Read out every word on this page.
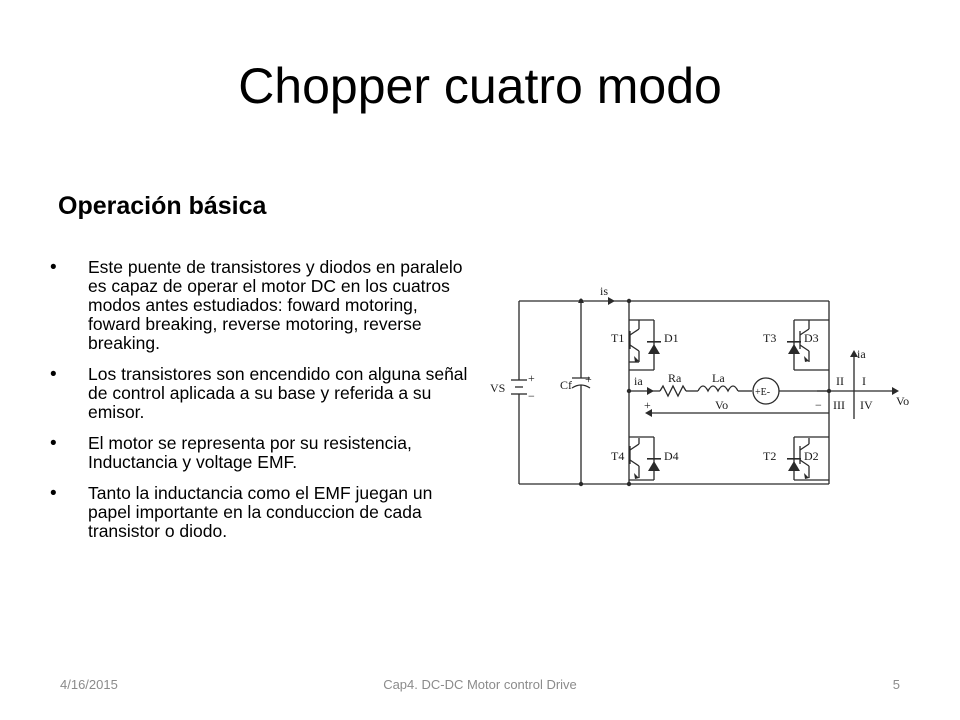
Chopper cuatro modo
Operación básica
• Este puente de transistores y diodos en paralelo es capaz de operar el motor DC en los cuatros modos antes estudiados: foward motoring, foward breaking, reverse motoring, reverse breaking.
• Los transistores son encendido con alguna señal de control aplicada a su base y referida a su emisor.
• El motor se representa por su resistencia, Inductancia y voltage EMF.
• Tanto la inductancia como el EMF juegan un papel importante en la conduccion de cada transistor o diodo.
is
VS
+
−
Cf +
T1	D1	T3 D3
T4	D4	T2 D2
ia Ra	La
+E-
Vo
+	−
ia
Vo
II I
III IV
4/16/2015	Cap4. DC-DC Motor control Drive	5
